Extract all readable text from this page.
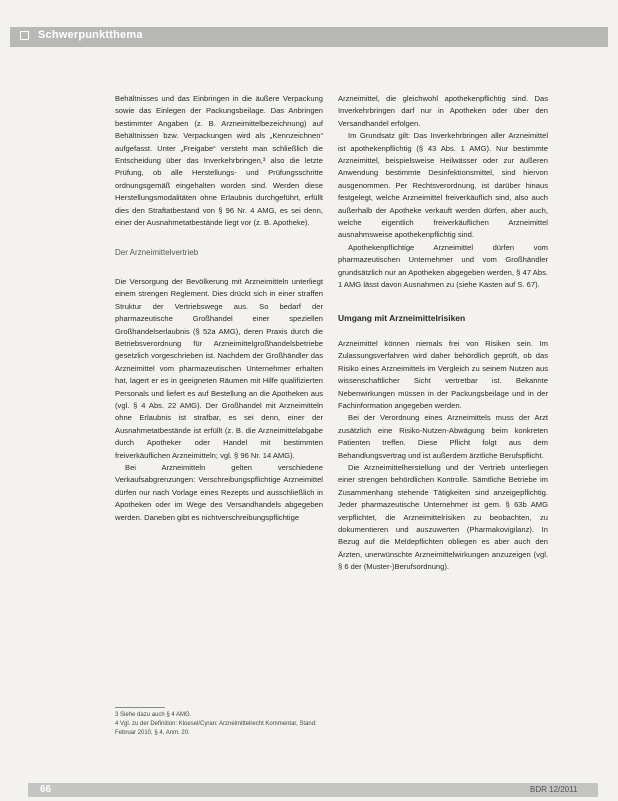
Schwerpunktthema

Behältnisses und das Einbringen in die äußere Verpackung sowie das Einlegen der Packungsbeilage. Das Anbringen bestimmter Angaben (z. B. Arzneimittelbezeichnung) auf Behältnissen bzw. Verpackungen wird als „Kennzeichnen“ aufgefasst. Unter „Freigabe“ versteht man schließlich die Entscheidung über das Inverkehrbringen,³ also die letzte Prüfung, ob alle Herstellungs- und Prüfungsschritte ordnungsgemäß eingehalten worden sind. Werden diese Herstellungsmodalitäten ohne Erlaubnis durchgeführt, erfüllt dies den Straftatbestand von § 96 Nr. 4 AMG, es sei denn, einer der Ausnahmetatbestände liegt vor (z. B. Apotheke).

Der Arzneimittelvertrieb

Die Versorgung der Bevölkerung mit Arzneimitteln unterliegt einem strengen Reglement. Dies drückt sich in einer straffen Struktur der Vertriebswege aus. So bedarf der pharmazeutische Großhandel einer speziellen Großhandelserlaubnis (§ 52a AMG), deren Praxis durch die Betriebsverordnung für Arzneimittelgroßhandelsbetriebe gesetzlich vorgeschrieben ist. Nachdem der Großhändler das Arzneimittel vom pharmazeutischen Unternehmer erhalten hat, lagert er es in geeigneten Räumen mit Hilfe qualifizierten Personals und liefert es auf Bestellung an die Apotheken aus (vgl. § 4 Abs. 22 AMG). Der Großhandel mit Arzneimitteln ohne Erlaubnis ist strafbar, es sei denn, einer der Ausnahmetatbestände ist erfüllt (z. B. die Arzneimittelabgabe durch Apotheker oder Handel mit bestimmten freiverkäuflichen Arzneimitteln; vgl. § 96 Nr. 14 AMG).

Bei Arzneimitteln gelten verschiedene Verkaufsabgrenzungen: Verschreibungspflichtige Arzneimittel dürfen nur nach Vorlage eines Rezepts und ausschließlich in Apotheken oder im Wege des Versandhandels abgegeben werden. Daneben gibt es nichtverschreibungspflichtige

3 Siehe dazu auch § 4 AMG.
4 Vgl. zu der Definition: Kloesel/Cyran: Arzneimittelrecht Kommentar, Stand: Februar 2010, § 4, Anm. 20.

Arzneimittel, die gleichwohl apothekenpflichtig sind. Das Inverkehrbringen darf nur in Apotheken oder über den Versandhandel erfolgen.

Im Grundsatz gilt: Das Inverkehrbringen aller Arzneimittel ist apothekenpflichtig (§ 43 Abs. 1 AMG). Nur bestimmte Arzneimittel, beispielsweise Heilwässer oder zur äußeren Anwendung bestimmte Desinfektionsmittel, sind hiervon ausgenommen. Per Rechtsverordnung, ist darüber hinaus festgelegt, welche Arzneimittel freiverkäuflich sind, also auch außerhalb der Apotheke verkauft werden dürfen, aber auch, welche eigentlich freiverkäuflichen Arzneimittel ausnahmsweise apothekenpflichtig sind.

Apothekenpflichtige Arzneimittel dürfen vom pharmazeutischen Unternehmer und vom Großhändler grundsätzlich nur an Apotheken abgegeben werden, § 47 Abs. 1 AMG lässt davon Ausnahmen zu (siehe Kasten auf S. 67).

Umgang mit Arzneimittelrisiken

Arzneimittel können niemals frei von Risiken sein. Im Zulassungsverfahren wird daher behördlich geprüft, ob das Risiko eines Arzneimittels im Vergleich zu seinem Nutzen aus wissenschaftlicher Sicht vertretbar ist. Bekannte Nebenwirkungen müssen in der Packungsbeilage und in der Fachinformation angegeben werden.

Bei der Verordnung eines Arzneimittels muss der Arzt zusätzlich eine Risiko-Nutzen-Abwägung beim konkreten Patienten treffen. Diese Pflicht folgt aus dem Behandlungsvertrag und ist außerdem ärztliche Berufspflicht.

Die Arzneimittelherstellung und der Vertrieb unterliegen einer strengen behördlichen Kontrolle. Sämtliche Betriebe im Zusammenhang stehende Tätigkeiten sind anzeigepflichtig. Jeder pharmazeutische Unternehmer ist gem. § 63b AMG verpflichtet, die Arzneimittelrisiken zu beobachten, zu dokumentieren und auszuwerten (Pharmakovigilanz). In Bezug auf die Meldepflichten obliegen es aber auch den Ärzten, unerwünschte Arzneimittelwirkungen anzuzeigen (vgl. § 6 der (Muster-)Berufsordnung).

66	BDR 12/2011
